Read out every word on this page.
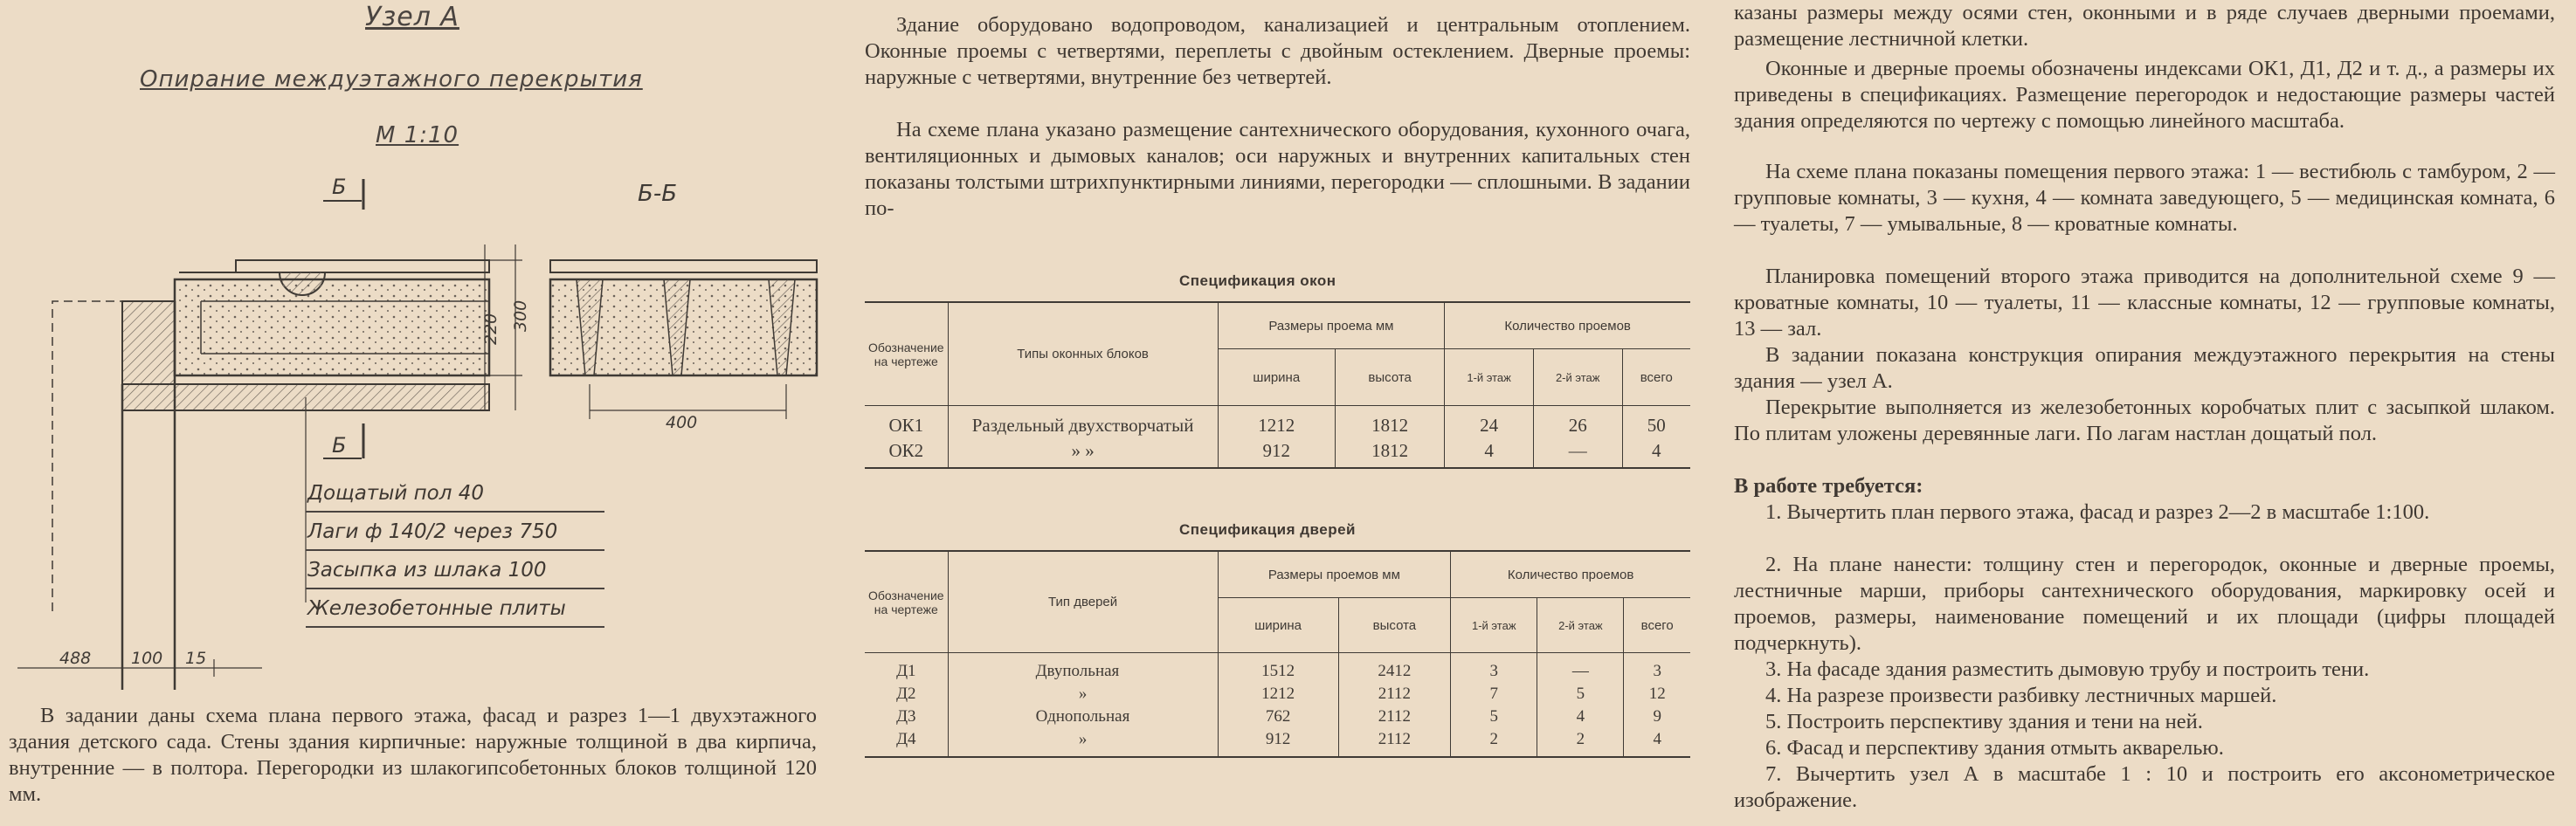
Узел А
Опирание междуэтажного перекрытия
М 1:10
300
220
488 100 15
Б
Б
Б-Б
400
Дощатый пол 40
Лаги ф 140/2 через 750
Засыпка из шлака 100
Железобетонные плиты

В задании даны схема плана первого этажа, фасад и разрез 1—1 двухэтажного здания детского сада. Стены здания кирпичные: наружные толщиной в два кирпича, внутренние — в полтора. Перегородки из шлакогипсобетонных блоков толщиной 120 мм.

Здание оборудовано водопроводом, канализацией и центральным отоплением. Оконные проемы с четвертями, переплеты с двойным остеклением. Дверные проемы: наружные с четвертями, внутренние без четвертей.

На схеме плана указано размещение сантехнического оборудования, кухонного очага, вентиляционных и дымовых каналов; оси наружных и внутренних капитальных стен показаны толстыми штрихпунктирными линиями, перегородки — сплошными. В задании по-

Спецификация окон
Обозначение на чертеже	Типы оконных блоков	Размеры проема мм		Количество проемов		
		ширина	высота	1-й этаж	2-й этаж	всего
ОК1	Раздельный двухстворчатый	1212	1812	24	26	50
ОК2	» »	912	1812	4	—	4
Спецификация дверей
Обозначение на чертеже	Тип дверей	Размеры проемов мм		Количество проемов		
		ширина	высота	1-й этаж	2-й этаж	всего
Д1	Двупольная	1512	2412	3	—	3
Д2	»	1212	2112	7	5	12
Д3	Однопольная	762	2112	5	4	9
Д4	»	912	2112	2	2	4

казаны размеры между осями стен, оконными и в ряде случаев дверными проемами, размещение лестничной клетки.

Оконные и дверные проемы обозначены индексами ОК1, Д1, Д2 и т. д., а размеры их приведены в спецификациях. Размещение перегородок и недостающие размеры частей здания определяются по чертежу с помощью линейного масштаба.

На схеме плана показаны помещения первого этажа: 1 — вестибюль с тамбуром, 2 — групповые комнаты, 3 — кухня, 4 — комната заведующего, 5 — медицинская комната, 6 — туалеты, 7 — умывальные, 8 — кроватные комнаты.

Планировка помещений второго этажа приводится на дополнительной схеме 9 — кроватные комнаты, 10 — туалеты, 11 — классные комнаты, 12 — групповые комнаты, 13 — зал.

В задании показана конструкция опирания междуэтажного перекрытия на стены здания — узел А.

Перекрытие выполняется из железобетонных коробчатых плит с засыпкой шлаком. По плитам уложены деревянные лаги. По лагам настлан дощатый пол.

В работе требуется:

1. Вычертить план первого этажа, фасад и разрез 2—2 в масштабе 1:100.

2. На плане нанести: толщину стен и перегородок, оконные и дверные проемы, лестничные марши, приборы сантехнического оборудования, маркировку осей и проемов, размеры, наименование помещений и их площади (цифры площадей подчеркнуть).

3. На фасаде здания разместить дымовую трубу и построить тени.

4. На разрезе произвести разбивку лестничных маршей.

5. Построить перспективу здания и тени на ней.

6. Фасад и перспективу здания отмыть акварелью.

7. Вычертить узел А в масштабе 1 : 10 и построить его аксонометрическое изображение.
